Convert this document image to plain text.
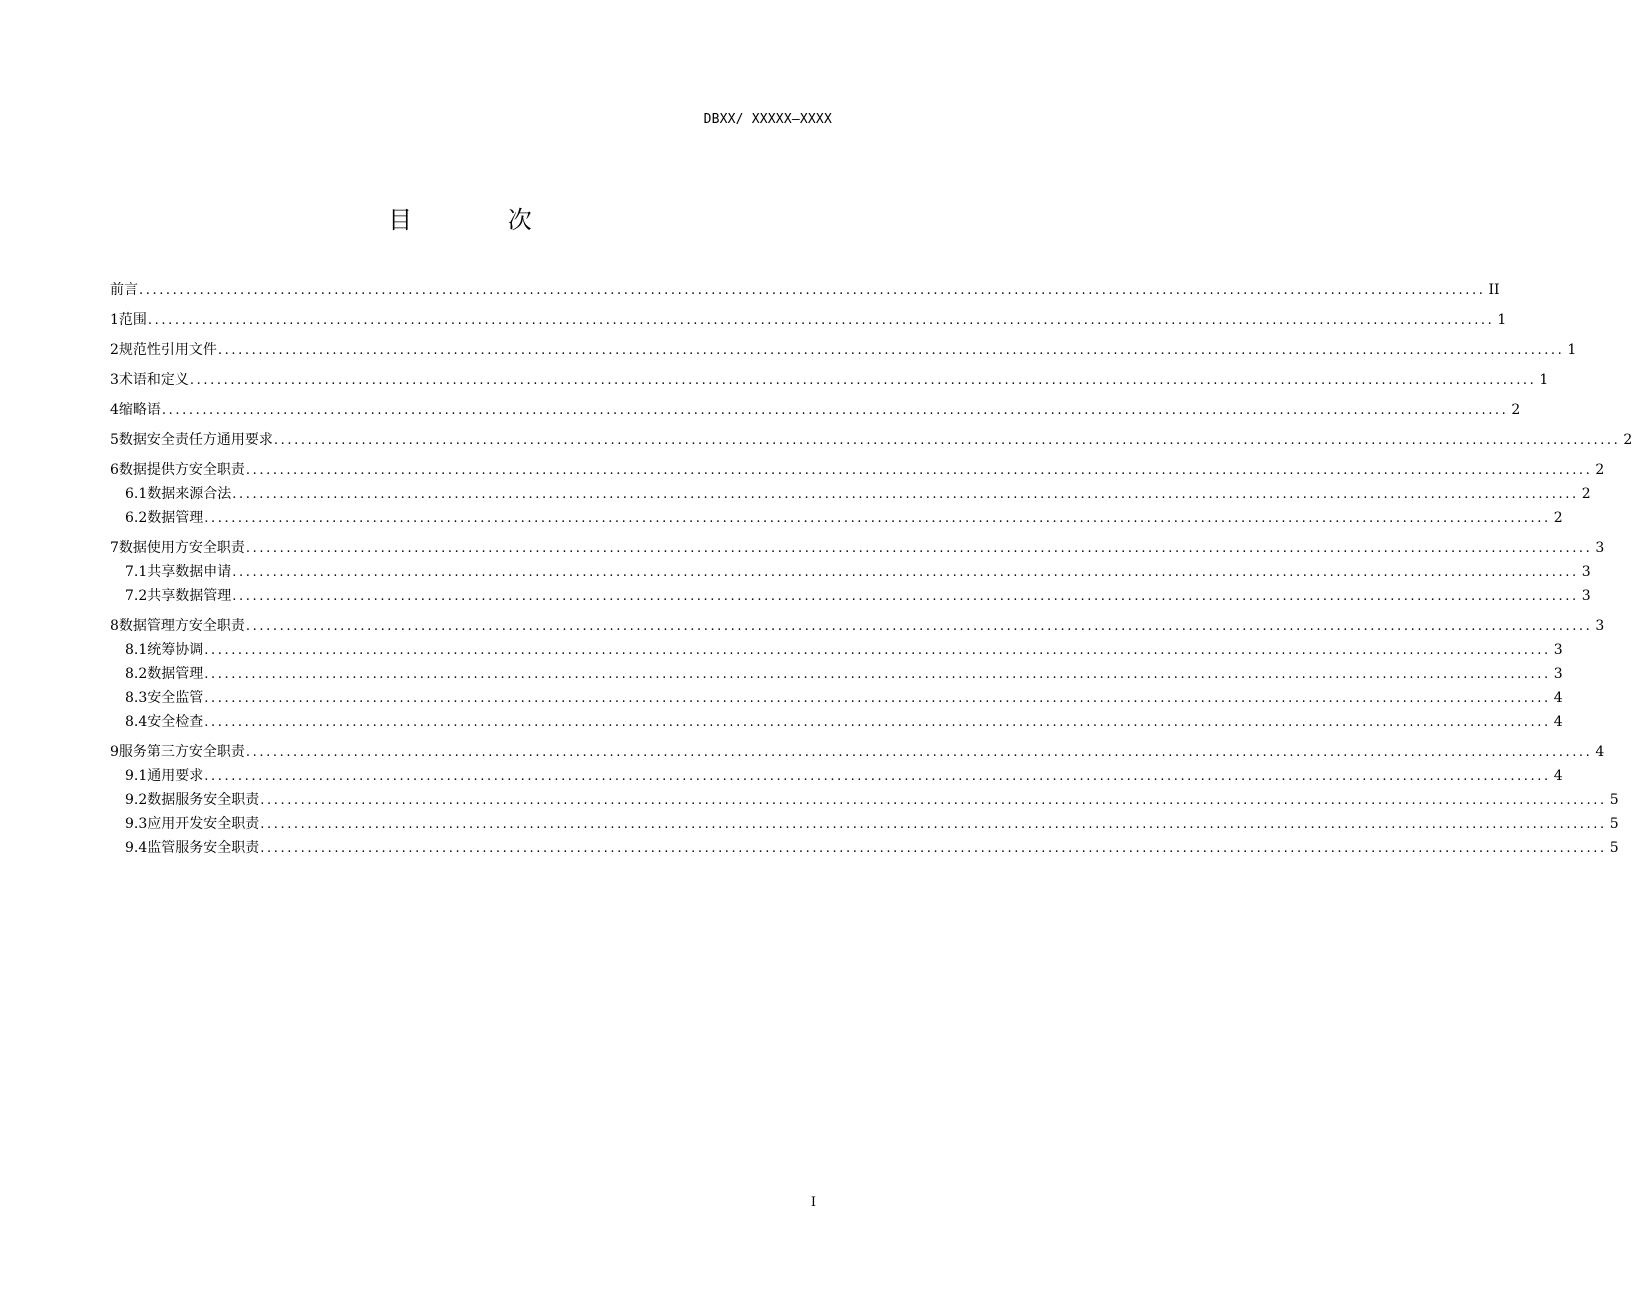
DBXX/ XXXXX—XXXX
目 次
前言 ........................................................................................................................................................................................................ II
1 范围 ........................................................................................................................................................................................................ 1
2 规范性引用文件 ........................................................................................................................................................................................................ 1
3 术语和定义 ........................................................................................................................................................................................................ 1
4 缩略语 ........................................................................................................................................................................................................ 2
5 数据安全责任方通用要求 ........................................................................................................................................................................................................ 2
6 数据提供方安全职责 ........................................................................................................................................................................................................ 2
6.1 数据来源合法 ........................................................................................................................................................................................................ 2
6.2 数据管理 ........................................................................................................................................................................................................ 2
7 数据使用方安全职责 ........................................................................................................................................................................................................ 3
7.1 共享数据申请 ........................................................................................................................................................................................................ 3
7.2 共享数据管理 ........................................................................................................................................................................................................ 3
8 数据管理方安全职责 ........................................................................................................................................................................................................ 3
8.1 统筹协调 ........................................................................................................................................................................................................ 3
8.2 数据管理 ........................................................................................................................................................................................................ 3
8.3 安全监管 ........................................................................................................................................................................................................ 4
8.4 安全检查 ........................................................................................................................................................................................................ 4
9 服务第三方安全职责 ........................................................................................................................................................................................................ 4
9.1 通用要求 ........................................................................................................................................................................................................ 4
9.2 数据服务安全职责 ........................................................................................................................................................................................................ 5
9.3 应用开发安全职责 ........................................................................................................................................................................................................ 5
9.4 监管服务安全职责 ........................................................................................................................................................................................................ 5
I
